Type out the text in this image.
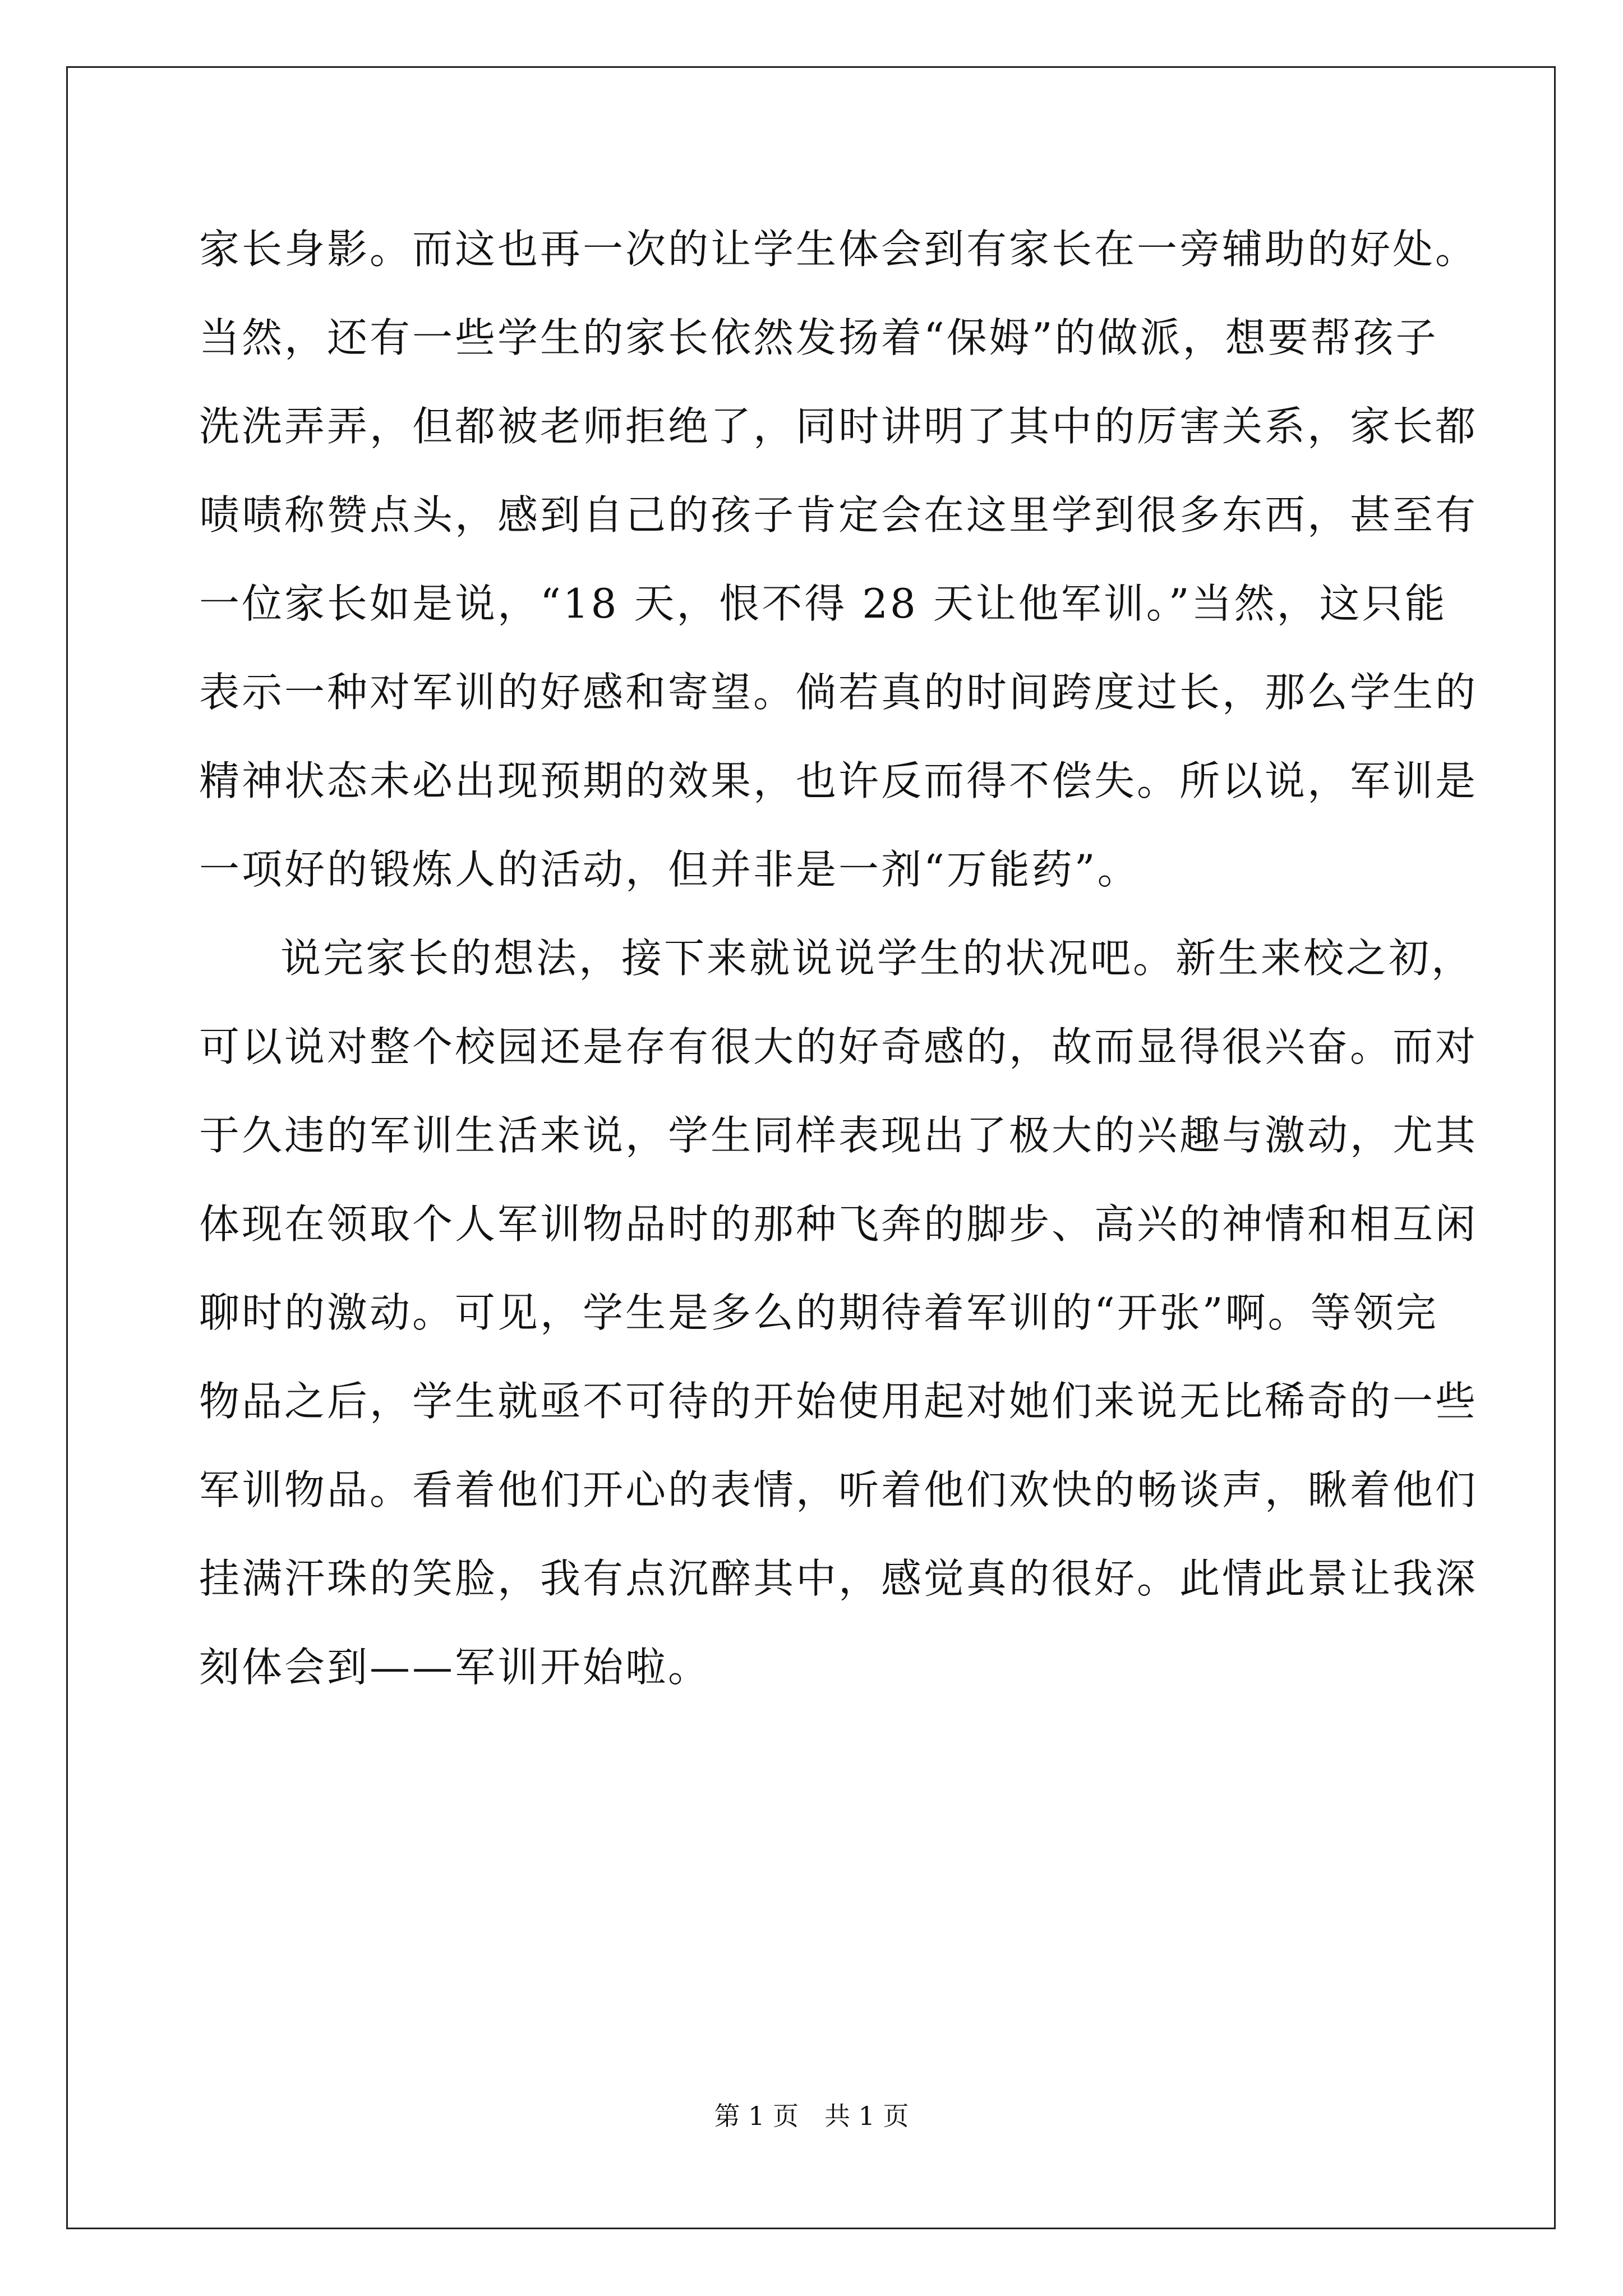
家长身影。而这也再一次的让学生体会到有家长在一旁辅助的好处。
当然，还有一些学生的家长依然发扬着“保姆”的做派，想要帮孩子
洗洗弄弄，但都被老师拒绝了，同时讲明了其中的厉害关系，家长都
啧啧称赞点头，感到自己的孩子肯定会在这里学到很多东西，甚至有
一位家长如是说，“18 天，恨不得 28 天让他军训。”当然，这只能
表示一种对军训的好感和寄望。倘若真的时间跨度过长，那么学生的
精神状态未必出现预期的效果，也许反而得不偿失。所以说，军训是
一项好的锻炼人的活动，但并非是一剂“万能药”。
说完家长的想法，接下来就说说学生的状况吧。新生来校之初，
可以说对整个校园还是存有很大的好奇感的，故而显得很兴奋。而对
于久违的军训生活来说，学生同样表现出了极大的兴趣与激动，尤其
体现在领取个人军训物品时的那种飞奔的脚步、高兴的神情和相互闲
聊时的激动。可见，学生是多么的期待着军训的“开张”啊。等领完
物品之后，学生就亟不可待的开始使用起对她们来说无比稀奇的一些
军训物品。看着他们开心的表情，听着他们欢快的畅谈声，瞅着他们
挂满汗珠的笑脸，我有点沉醉其中，感觉真的很好。此情此景让我深
刻体会到——军训开始啦。
第 1 页　共 1 页
